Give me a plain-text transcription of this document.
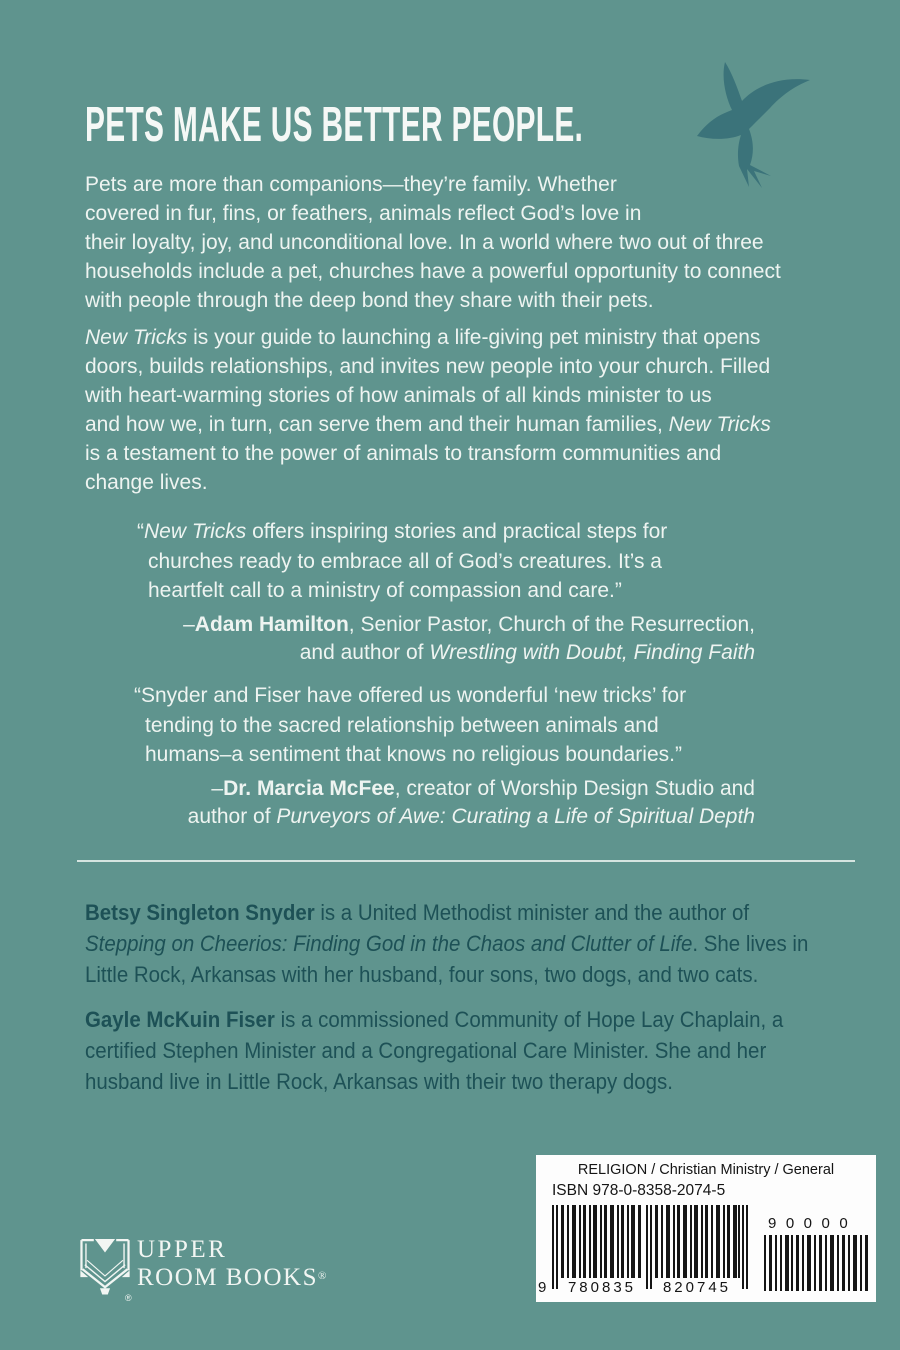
PETS MAKE US BETTER PEOPLE.
Pets are more than companions—they’re family. Whether
covered in fur, fins, or feathers, animals reflect God’s love in
their loyalty, joy, and unconditional love. In a world where two out of three
households include a pet, churches have a powerful opportunity to connect
with people through the deep bond they share with their pets.
New Tricks is your guide to launching a life-giving pet ministry that opens
doors, builds relationships, and invites new people into your church. Filled
with heart-warming stories of how animals of all kinds minister to us
and how we, in turn, can serve them and their human families, New Tricks
is a testament to the power of animals to transform communities and
change lives.
“New Tricks offers inspiring stories and practical steps for
churches ready to embrace all of God’s creatures. It’s a
heartfelt call to a ministry of compassion and care.”
–Adam Hamilton, Senior Pastor, Church of the Resurrection,
and author of Wrestling with Doubt, Finding Faith
“Snyder and Fiser have offered us wonderful ‘new tricks’ for
tending to the sacred relationship between animals and
humans–a sentiment that knows no religious boundaries.”
–Dr. Marcia McFee, creator of Worship Design Studio and
author of Purveyors of Awe: Curating a Life of Spiritual Depth
Betsy Singleton Snyder is a United Methodist minister and the author of
Stepping on Cheerios: Finding God in the Chaos and Clutter of Life. She lives in
Little Rock, Arkansas with her husband, four sons, two dogs, and two cats.
Gayle McKuin Fiser is a commissioned Community of Hope Lay Chaplain, a
certified Stephen Minister and a Congregational Care Minister. She and her
husband live in Little Rock, Arkansas with their two therapy dogs.
®
UPPER
ROOM BOOKS®
RELIGION / Christian Ministry / General
ISBN 978-0-8358-2074-5
9	780835	820745
90000
